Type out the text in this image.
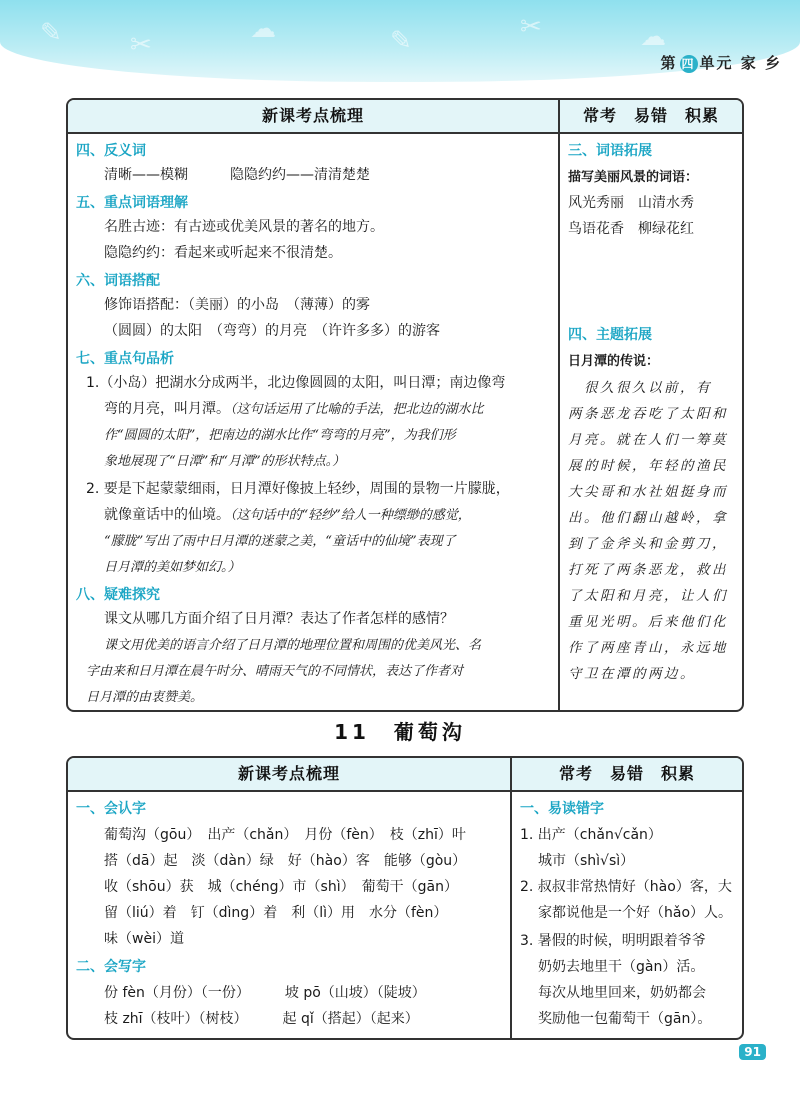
✎	✂
☁	✎	✂	☁
第 四 单元 家 乡
新课考点梳理	常考　易错　积累
四、反义词
清晰——模糊　　　隐隐约约——清清楚楚
五、重点词语理解
名胜古迹：有古迹或优美风景的著名的地方。
隐隐约约：看起来或听起来不很清楚。
六、词语搭配
修饰语搭配：（美丽）的小岛　（薄薄）的雾
（圆圆）的太阳　（弯弯）的月亮　（许许多多）的游客
七、重点句品析
1.（小岛）把湖水分成两半，北边像圆圆的太阳，叫日潭；南边像弯
弯的月亮，叫月潭。（这句话运用了比喻的手法，把北边的湖水比
作“圆圆的太阳”，把南边的湖水比作“弯弯的月亮”，为我们形
象地展现了“日潭”和“月潭”的形状特点。）
2. 要是下起蒙蒙细雨，日月潭好像披上轻纱，周围的景物一片朦胧，
就像童话中的仙境。（这句话中的“轻纱”给人一种缥缈的感觉，
“朦胧”写出了雨中日月潭的迷蒙之美，“童话中的仙境”表现了
日月潭的美如梦如幻。）
八、疑难探究
课文从哪几方面介绍了日月潭？表达了作者怎样的感情？
课文用优美的语言介绍了日月潭的地理位置和周围的优美风光、名
字由来和日月潭在晨午时分、晴雨天气的不同情状，表达了作者对
日月潭的由衷赞美。
三、词语拓展
描写美丽风景的词语：
风光秀丽　山清水秀
鸟语花香　柳绿花红
四、主题拓展
日月潭的传说：
　很久很久以前，有
两条恶龙吞吃了太阳和
月亮。就在人们一筹莫
展的时候，年轻的渔民
大尖哥和水社姐挺身而
出。他们翻山越岭，拿
到了金斧头和金剪刀，
打死了两条恶龙，救出
了太阳和月亮，让人们
重见光明。后来他们化
作了两座青山，永远地
守卫在潭的两边。
11　 葡萄沟
新课考点梳理	常考　易错　积累
一、会认字
葡萄沟（gōu）　出产（chǎn）　月份（fèn）　枝（zhī）叶
搭（dā）起　淡（dàn）绿　好（hào）客　能够（gòu）
收（shōu）获　城（chéng）市（shì）　葡萄干（gān）
留（liú）着　钉（dìng）着　利（lì）用　水分（fèn）
味（wèi）道
二、会写字
份 fèn（月份）（一份）　　　坡 pō（山坡）（陡坡）
枝 zhī（枝叶）（树枝）　　　起 qǐ（搭起）（起来）
一、易读错字
1. 出产（chǎn√cǎn）
城市（shì√sì）
2. 叔叔非常热情好（hào）客，大
家都说他是一个好（hǎo）人。
3. 暑假的时候，明明跟着爷爷
奶奶去地里干（gàn）活。
每次从地里回来，奶奶都会
奖励他一包葡萄干（gān）。
91
